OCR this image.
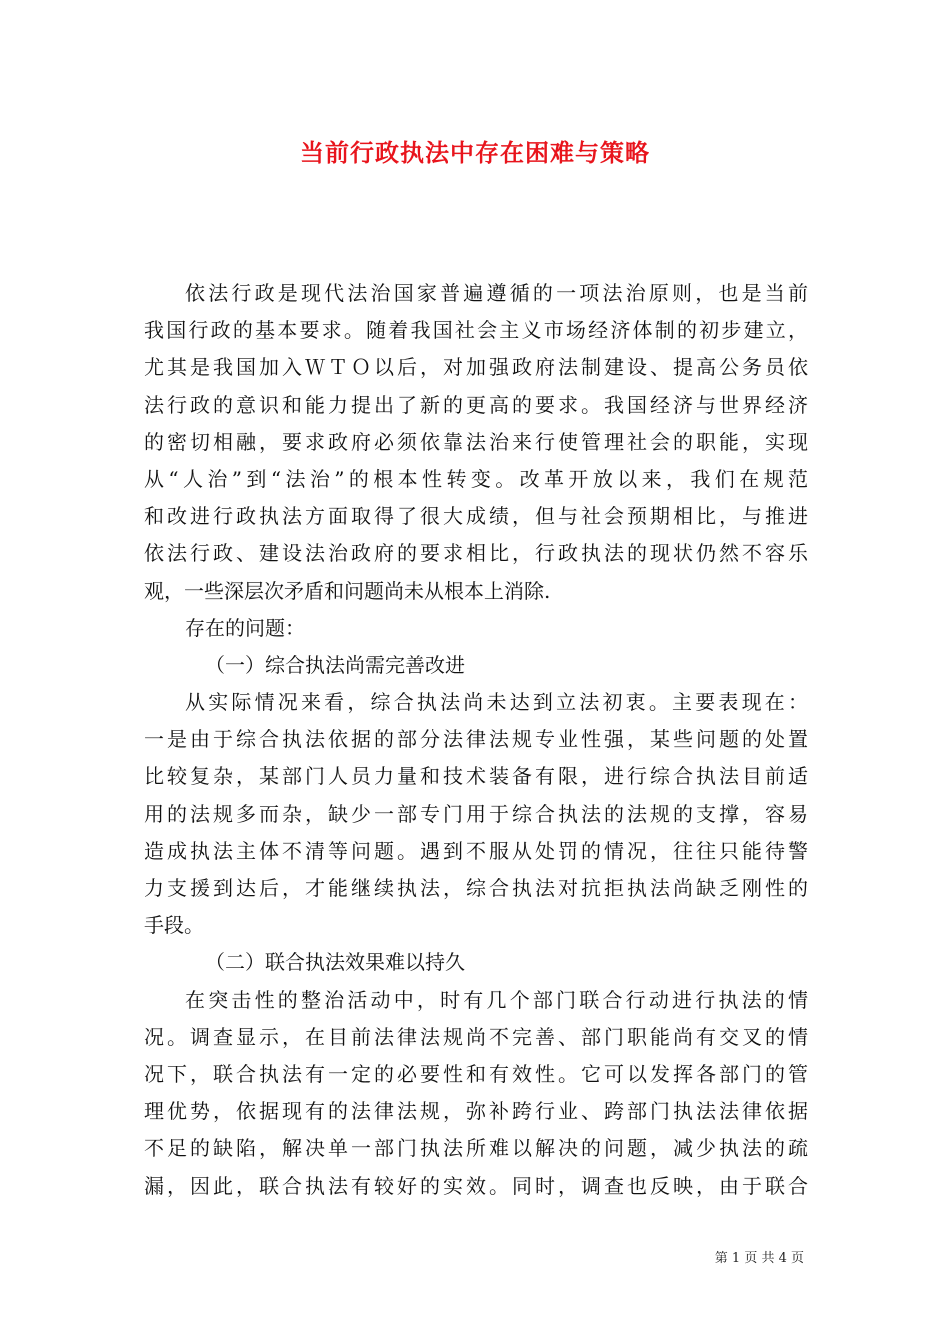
当前行政执法中存在困难与策略
依法行政是现代法治国家普遍遵循的一项法治原则，也是当前
我国行政的基本要求。随着我国社会主义市场经济体制的初步建立，
尤其是我国加入ＷＴＯ以后，对加强政府法制建设、提高公务员依
法行政的意识和能力提出了新的更高的要求。我国经济与世界经济
的密切相融，要求政府必须依靠法治来行使管理社会的职能，实现
从“人治”到“法治”的根本性转变。改革开放以来，我们在规范
和改进行政执法方面取得了很大成绩，但与社会预期相比，与推进
依法行政、建设法治政府的要求相比，行政执法的现状仍然不容乐
观，一些深层次矛盾和问题尚未从根本上消除.
存在的问题：
（一）综合执法尚需完善改进
从实际情况来看，综合执法尚未达到立法初衷。主要表现在：
一是由于综合执法依据的部分法律法规专业性强，某些问题的处置
比较复杂，某部门人员力量和技术装备有限，进行综合执法目前适
用的法规多而杂，缺少一部专门用于综合执法的法规的支撑，容易
造成执法主体不清等问题。遇到不服从处罚的情况，往往只能待警
力支援到达后，才能继续执法，综合执法对抗拒执法尚缺乏刚性的
手段。
（二）联合执法效果难以持久
在突击性的整治活动中，时有几个部门联合行动进行执法的情
况。调查显示，在目前法律法规尚不完善、部门职能尚有交叉的情
况下，联合执法有一定的必要性和有效性。它可以发挥各部门的管
理优势，依据现有的法律法规，弥补跨行业、跨部门执法法律依据
不足的缺陷，解决单一部门执法所难以解决的问题，减少执法的疏
漏，因此，联合执法有较好的实效。同时，调查也反映，由于联合
第 1 页 共 4 页
